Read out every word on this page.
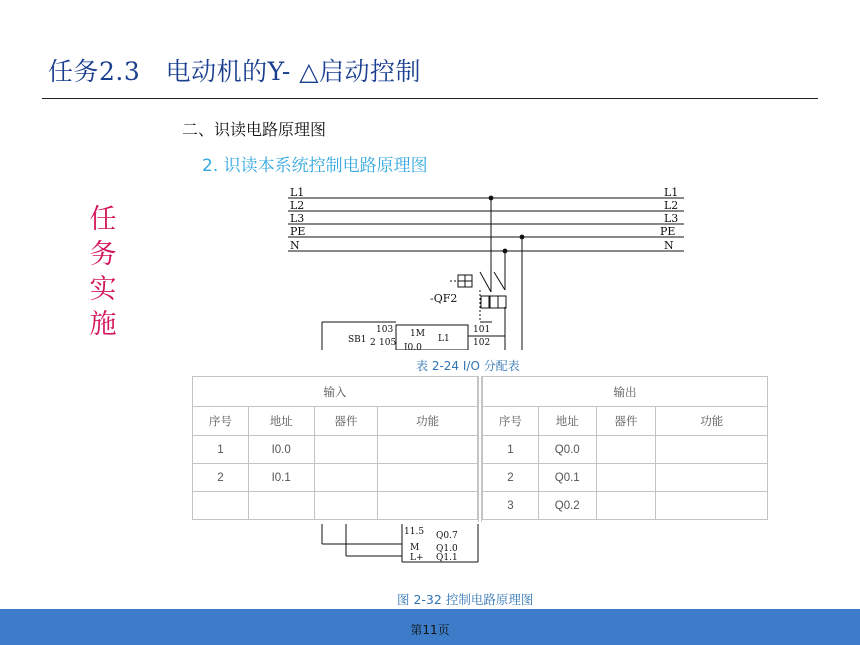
任务2.3   电动机的Y- △启动控制
任
务
实
施
二、识读电路原理图
2. 识读本系统控制电路原理图
L1
L2
L3
PE
N
L1
L2
L3
PE
N
-QF2
103 1M L1
101
SB1 2 105	102
I0.0
表 2-24 I/O 分配表
输入			
序号	地址	器件	功能
1	I0.0		
2	I0.1		

输出			
序号	地址	器件	功能
1	Q0.0		
2	Q0.1		
3	Q0.2		
11.5 Q0.7
M Q1.0
L+ Q1.1
图 2-32 控制电路原理图
第11页
